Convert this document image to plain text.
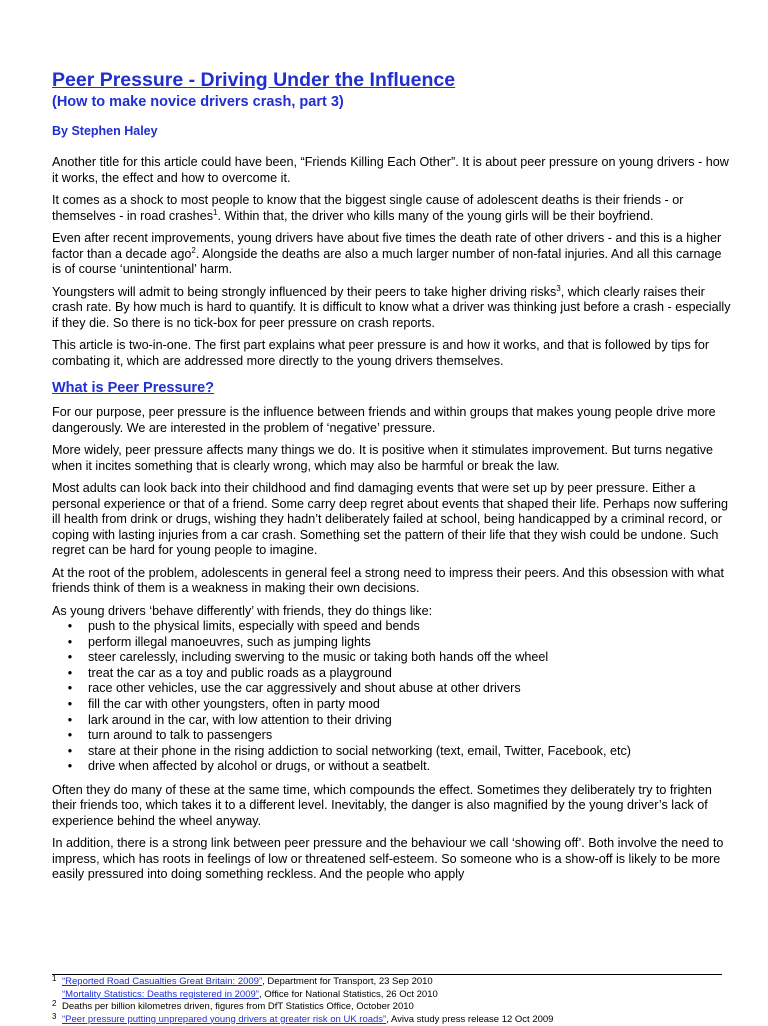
Peer Pressure - Driving Under the Influence
(How to make novice drivers crash, part 3)
By Stephen Haley

Another title for this article could have been, “Friends Killing Each Other”. It is about peer pressure on young drivers - how it works, the effect and how to overcome it.

It comes as a shock to most people to know that the biggest single cause of adolescent deaths is their friends - or themselves - in road crashes$^1$. Within that, the driver who kills many of the young girls will be their boyfriend.

Even after recent improvements, young drivers have about five times the death rate of other drivers - and this is a higher factor than a decade ago$^2$. Alongside the deaths are also a much larger number of non-fatal injuries. And all this carnage is of course ‘unintentional’ harm.

Youngsters will admit to being strongly influenced by their peers to take higher driving risks$^3$, which clearly raises their crash rate. By how much is hard to quantify. It is difficult to know what a driver was thinking just before a crash - especially if they die. So there is no tick-box for peer pressure on crash reports.

This article is two-in-one. The first part explains what peer pressure is and how it works, and that is followed by tips for combating it, which are addressed more directly to the young drivers themselves.

What is Peer Pressure?

For our purpose, peer pressure is the influence between friends and within groups that makes young people drive more dangerously. We are interested in the problem of ‘negative’ pressure.

More widely, peer pressure affects many things we do. It is positive when it stimulates improvement. But turns negative when it incites something that is clearly wrong, which may also be harmful or break the law.

Most adults can look back into their childhood and find damaging events that were set up by peer pressure. Either a personal experience or that of a friend. Some carry deep regret about events that shaped their life. Perhaps now suffering ill health from drink or drugs, wishing they hadn’t deliberately failed at school, being handicapped by a criminal record, or coping with lasting injuries from a car crash. Something set the pattern of their life that they wish could be undone. Such regret can be hard for young people to imagine.

At the root of the problem, adolescents in general feel a strong need to impress their peers. And this obsession with what friends think of them is a weakness in making their own decisions.

As young drivers ‘behave differently’ with friends, they do things like:

•	push to the physical limits, especially with speed and bends
•	perform illegal manoeuvres, such as jumping lights
•	steer carelessly, including swerving to the music or taking both hands off the wheel
•	treat the car as a toy and public roads as a playground
•	race other vehicles, use the car aggressively and shout abuse at other drivers
•	fill the car with other youngsters, often in party mood
•	lark around in the car, with low attention to their driving
•	turn around to talk to passengers
•	stare at their phone in the rising addiction to social networking (text, email, Twitter, Facebook, etc)
•	drive when affected by alcohol or drugs, or without a seatbelt.

Often they do many of these at the same time, which compounds the effect. Sometimes they deliberately try to frighten their friends too, which takes it to a different level. Inevitably, the danger is also magnified by the young driver’s lack of experience behind the wheel anyway.

In addition, there is a strong link between peer pressure and the behaviour we call ‘showing off’. Both involve the need to impress, which has roots in feelings of low or threatened self-esteem. So someone who is a show-off is likely to be more easily pressured into doing something reckless. And the people who apply

1 “Reported Road Casualties Great Britain: 2009”, Department for Transport, 23 Sep 2010
“Mortality Statistics: Deaths registered in 2009”, Office for National Statistics, 26 Oct 2010
2 Deaths per billion kilometres driven, figures from DfT Statistics Office, October 2010
3 “Peer pressure putting unprepared young drivers at greater risk on UK roads”, Aviva study press release 12 Oct 2009
